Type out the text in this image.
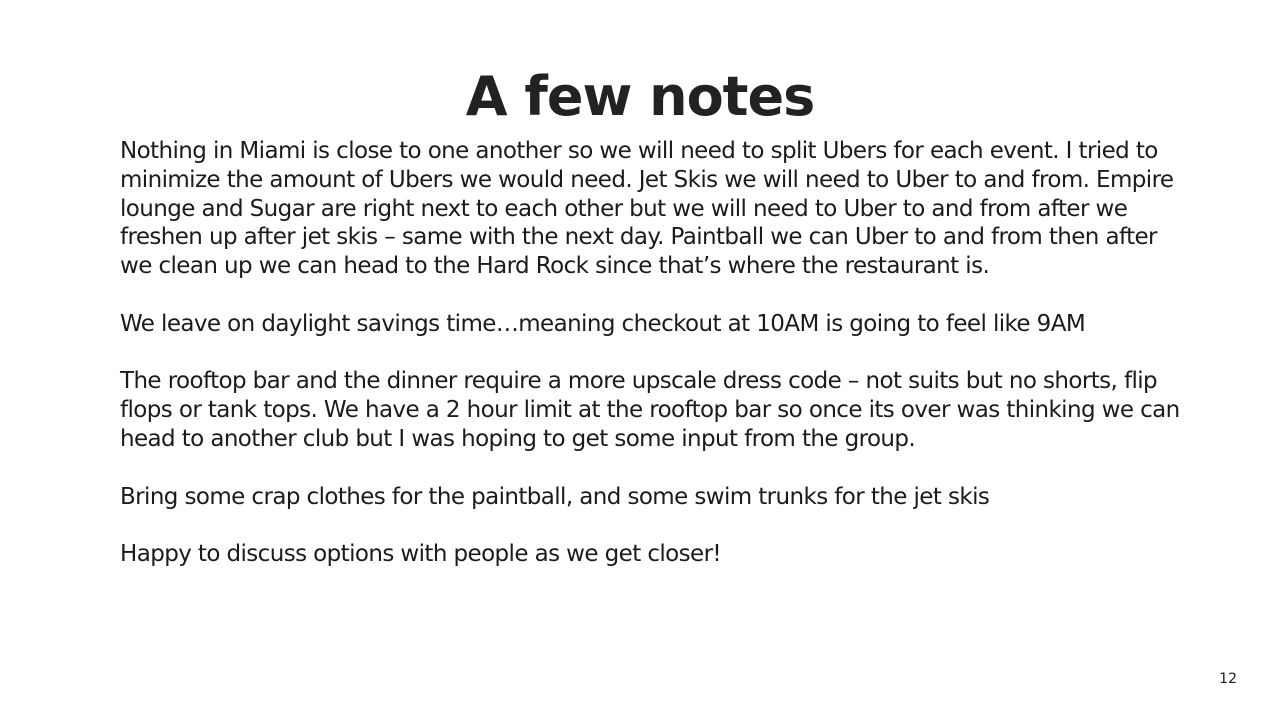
A few notes

Nothing in Miami is close to one another so we will need to split Ubers for each event. I tried to minimize the amount of Ubers we would need. Jet Skis we will need to Uber to and from. Empire lounge and Sugar are right next to each other but we will need to Uber to and from after we freshen up after jet skis – same with the next day. Paintball we can Uber to and from then after we clean up we can head to the Hard Rock since that’s where the restaurant is.

We leave on daylight savings time…meaning checkout at 10AM is going to feel like 9AM

The rooftop bar and the dinner require a more upscale dress code – not suits but no shorts, flip flops or tank tops. We have a 2 hour limit at the rooftop bar so once its over was thinking we can head to another club but I was hoping to get some input from the group.

Bring some crap clothes for the paintball, and some swim trunks for the jet skis

Happy to discuss options with people as we get closer!

12
